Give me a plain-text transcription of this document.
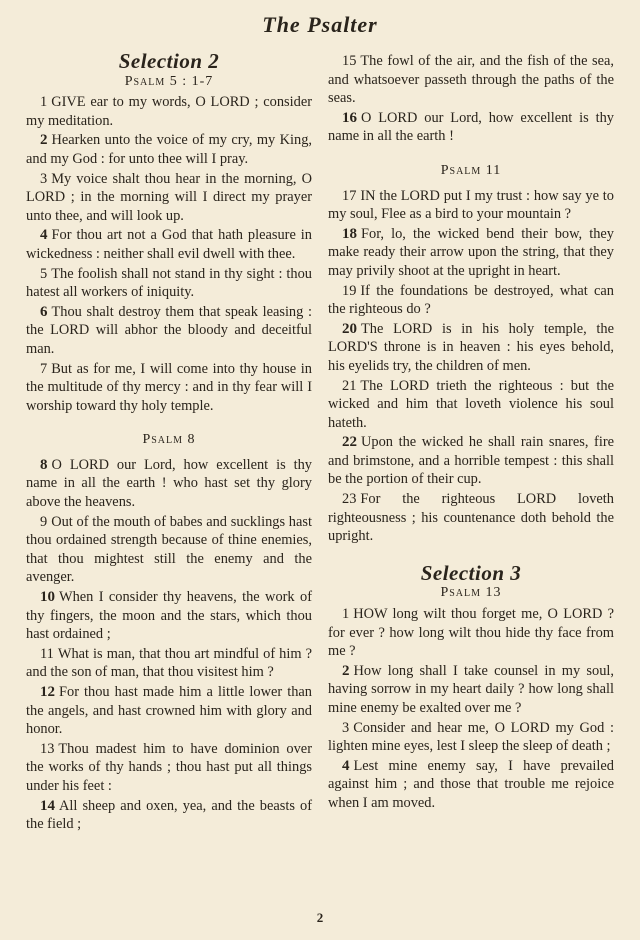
The Psalter
Selection 2
Psalm 5 : 1-7

1 GIVE ear to my words, O LORD ; consider my meditation.

2 Hearken unto the voice of my cry, my King, and my God : for unto thee will I pray.

3 My voice shalt thou hear in the morning, O LORD ; in the morning will I direct my prayer unto thee, and will look up.

4 For thou art not a God that hath pleasure in wickedness : neither shall evil dwell with thee.

5 The foolish shall not stand in thy sight : thou hatest all workers of iniquity.

6 Thou shalt destroy them that speak leasing : the LORD will abhor the bloody and deceitful man.

7 But as for me, I will come into thy house in the multitude of thy mercy : and in thy fear will I worship toward thy holy temple.

Psalm 8

8 O LORD our Lord, how excellent is thy name in all the earth ! who hast set thy glory above the heavens.

9 Out of the mouth of babes and sucklings hast thou ordained strength because of thine enemies, that thou mightest still the enemy and the avenger.

10 When I consider thy heavens, the work of thy fingers, the moon and the stars, which thou hast ordained ;

11 What is man, that thou art mindful of him ? and the son of man, that thou visitest him ?

12 For thou hast made him a little lower than the angels, and hast crowned him with glory and honor.

13 Thou madest him to have dominion over the works of thy hands ; thou hast put all things under his feet :

14 All sheep and oxen, yea, and the beasts of the field ;

15 The fowl of the air, and the fish of the sea, and whatsoever passeth through the paths of the seas.

16 O LORD our Lord, how excellent is thy name in all the earth !

Psalm 11

17 IN the LORD put I my trust : how say ye to my soul, Flee as a bird to your mountain ?

18 For, lo, the wicked bend their bow, they make ready their arrow upon the string, that they may privily shoot at the upright in heart.

19 If the foundations be destroyed, what can the righteous do ?

20 The LORD is in his holy temple, the LORD'S throne is in heaven : his eyes behold, his eyelids try, the children of men.

21 The LORD trieth the righteous : but the wicked and him that loveth violence his soul hateth.

22 Upon the wicked he shall rain snares, fire and brimstone, and a horrible tempest : this shall be the portion of their cup.

23 For the righteous LORD loveth righteousness ; his countenance doth behold the upright.

Selection 3
Psalm 13

1 HOW long wilt thou forget me, O LORD ? for ever ? how long wilt thou hide thy face from me ?

2 How long shall I take counsel in my soul, having sorrow in my heart daily ? how long shall mine enemy be exalted over me ?

3 Consider and hear me, O LORD my God : lighten mine eyes, lest I sleep the sleep of death ;

4 Lest mine enemy say, I have prevailed against him ; and those that trouble me rejoice when I am moved.

2
